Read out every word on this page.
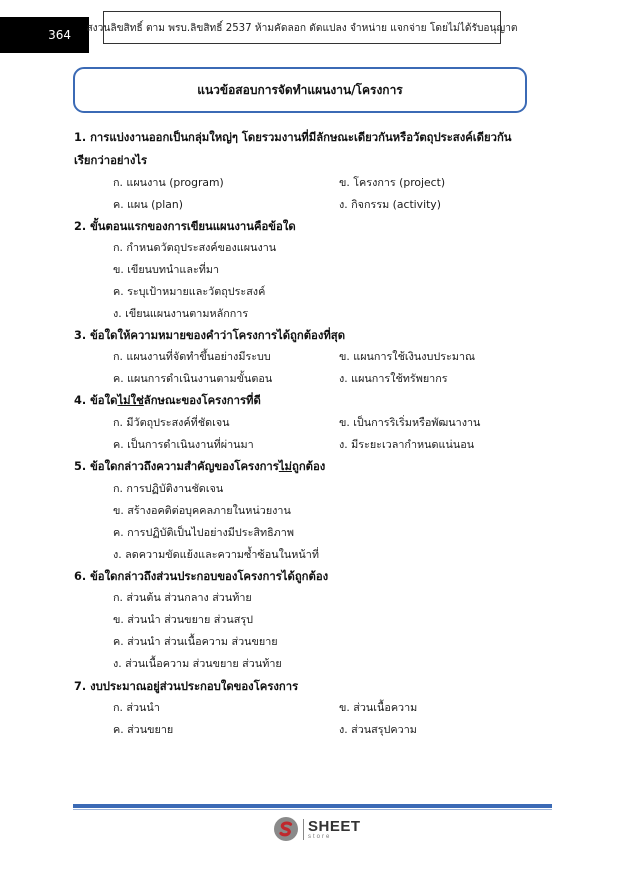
364 สงวนลิขสิทธิ์ ตาม พรบ.ลิขสิทธิ์ 2537 ห้ามคัดลอก ดัดแปลง จำหน่าย แจกจ่าย โดยไม่ได้รับอนุญาต
แนวข้อสอบการจัดทำแผนงาน/โครงการ
1. การแบ่งงานออกเป็นกลุ่มใหญ่ๆ โดยรวมงานที่มีลักษณะเดียวกันหรือวัตถุประสงค์เดียวกัน
เรียกว่าอย่างไร
ก. แผนงาน (program)	ข. โครงการ (project)
ค. แผน (plan)	ง. กิจกรรม (activity)
2. ขั้นตอนแรกของการเขียนแผนงานคือข้อใด
ก. กำหนดวัตถุประสงค์ของแผนงาน
ข. เขียนบทนำและที่มา
ค. ระบุเป้าหมายและวัตถุประสงค์
ง. เขียนแผนงานตามหลักการ
3. ข้อใดให้ความหมายของคำว่าโครงการได้ถูกต้องที่สุด
ก. แผนงานที่จัดทำขึ้นอย่างมีระบบ	ข. แผนการใช้เงินงบประมาณ
ค. แผนการดำเนินงานตามขั้นตอน	ง. แผนการใช้ทรัพยากร
4. ข้อใดไม่ใช่ลักษณะของโครงการที่ดี
ก. มีวัตถุประสงค์ที่ชัดเจน	ข. เป็นการริเริ่มหรือพัฒนางาน
ค. เป็นการดำเนินงานที่ผ่านมา	ง. มีระยะเวลากำหนดแน่นอน
5. ข้อใดกล่าวถึงความสำคัญของโครงการไม่ถูกต้อง
ก. การปฏิบัติงานชัดเจน
ข. สร้างอคติต่อบุคคลภายในหน่วยงาน
ค. การปฏิบัติเป็นไปอย่างมีประสิทธิภาพ
ง. ลดความขัดแย้งและความซ้ำซ้อนในหน้าที่
6. ข้อใดกล่าวถึงส่วนประกอบของโครงการได้ถูกต้อง
ก. ส่วนต้น ส่วนกลาง ส่วนท้าย
ข. ส่วนนำ ส่วนขยาย ส่วนสรุป
ค. ส่วนนำ ส่วนเนื้อความ ส่วนขยาย
ง. ส่วนเนื้อความ ส่วนขยาย ส่วนท้าย
7. งบประมาณอยู่ส่วนประกอบใดของโครงการ
ก. ส่วนนำ	ข. ส่วนเนื้อความ
ค. ส่วนขยาย	ง. ส่วนสรุปความ
SHEET
store
